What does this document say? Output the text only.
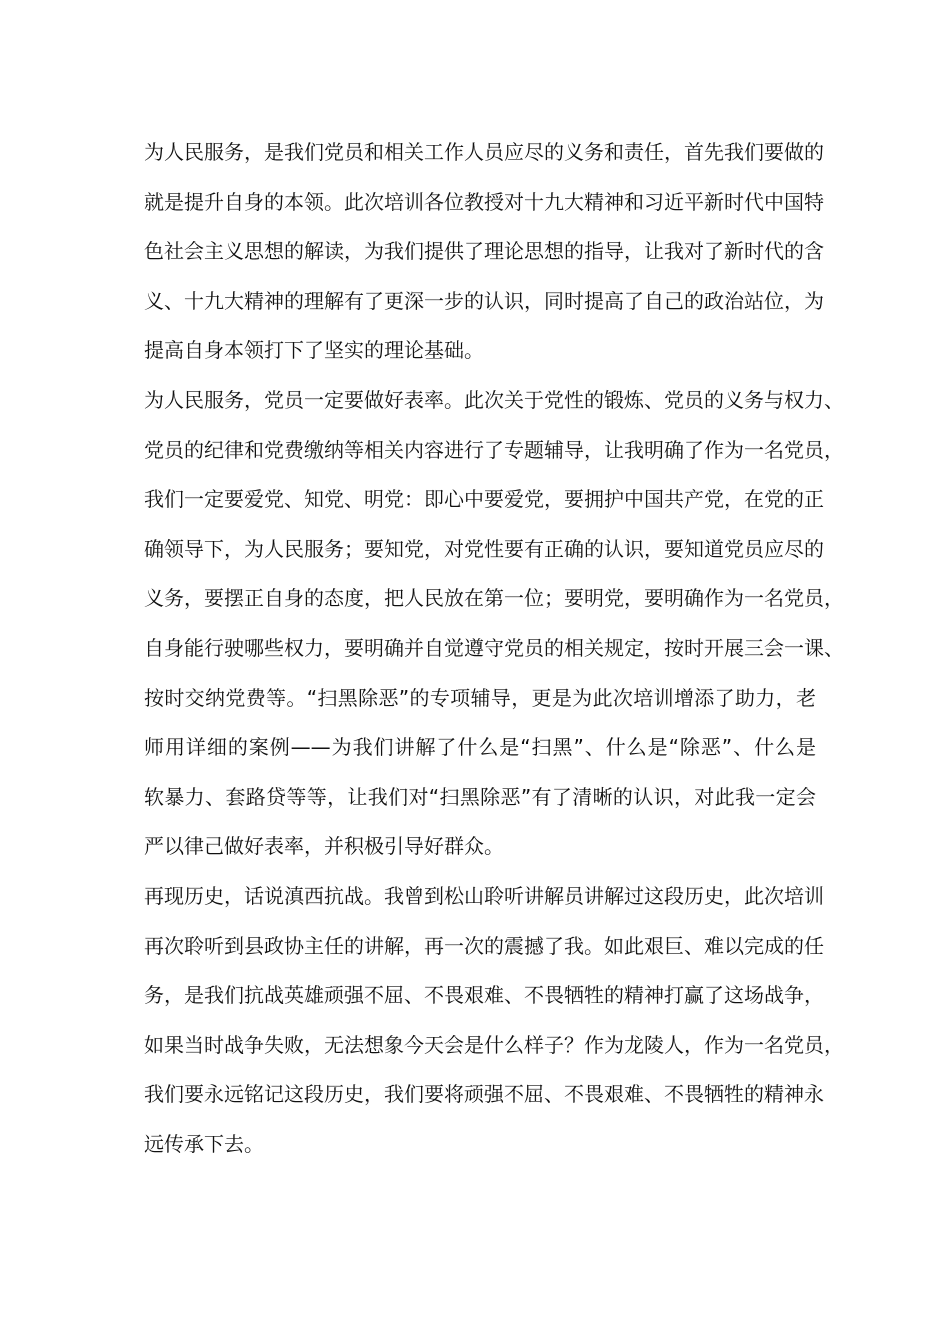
为人民服务，是我们党员和相关工作人员应尽的义务和责任，首先我们要做的
就是提升自身的本领。此次培训各位教授对十九大精神和习近平新时代中国特
色社会主义思想的解读，为我们提供了理论思想的指导，让我对了新时代的含
义、十九大精神的理解有了更深一步的认识，同时提高了自己的政治站位，为
提高自身本领打下了坚实的理论基础。
为人民服务，党员一定要做好表率。此次关于党性的锻炼、党员的义务与权力、
党员的纪律和党费缴纳等相关内容进行了专题辅导，让我明确了作为一名党员，
我们一定要爱党、知党、明党：即心中要爱党，要拥护中国共产党，在党的正
确领导下，为人民服务；要知党，对党性要有正确的认识，要知道党员应尽的
义务，要摆正自身的态度，把人民放在第一位；要明党，要明确作为一名党员，
自身能行驶哪些权力，要明确并自觉遵守党员的相关规定，按时开展三会一课、
按时交纳党费等。“扫黑除恶”的专项辅导，更是为此次培训增添了助力，老
师用详细的案例——为我们讲解了什么是“扫黑”、什么是“除恶”、什么是
软暴力、套路贷等等，让我们对“扫黑除恶”有了清晰的认识，对此我一定会
严以律己做好表率，并积极引导好群众。
再现历史，话说滇西抗战。我曾到松山聆听讲解员讲解过这段历史，此次培训
再次聆听到县政协主任的讲解，再一次的震撼了我。如此艰巨、难以完成的任
务，是我们抗战英雄顽强不屈、不畏艰难、不畏牺牲的精神打赢了这场战争，
如果当时战争失败，无法想象今天会是什么样子？作为龙陵人，作为一名党员，
我们要永远铭记这段历史，我们要将顽强不屈、不畏艰难、不畏牺牲的精神永
远传承下去。
